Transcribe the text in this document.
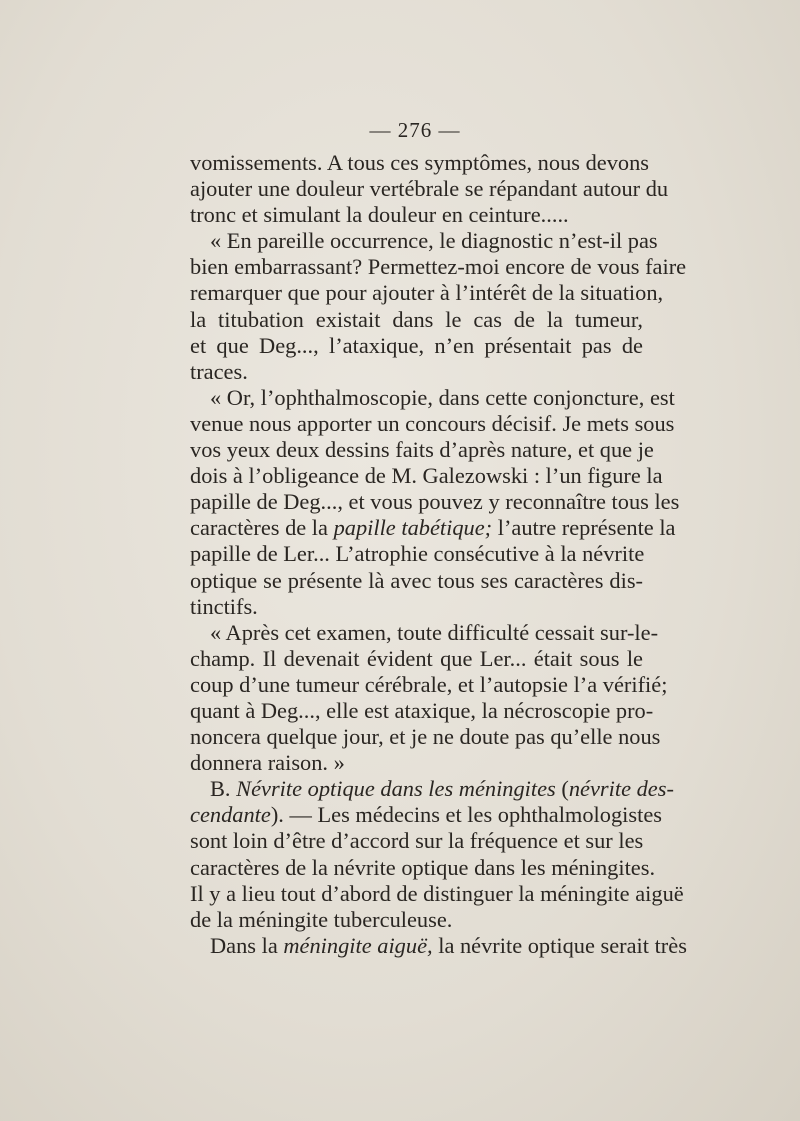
— 276 —
vomissements. A tous ces symptômes, nous devons
ajouter une douleur vertébrale se répandant autour du
tronc et simulant la douleur en ceinture.....
« En pareille occurrence, le diagnostic n’est-il pas
bien embarrassant? Permettez-moi encore de vous faire
remarquer que pour ajouter à l’intérêt de la situation,
la titubation existait dans le cas de la tumeur,
et que Deg..., l’ataxique, n’en présentait pas de
traces.
« Or, l’ophthalmoscopie, dans cette conjoncture, est
venue nous apporter un concours décisif. Je mets sous
vos yeux deux dessins faits d’après nature, et que je
dois à l’obligeance de M. Galezowski : l’un figure la
papille de Deg..., et vous pouvez y reconnaître tous les
caractères de la papille tabétique; l’autre représente la
papille de Ler... L’atrophie consécutive à la névrite
optique se présente là avec tous ses caractères dis-
tinctifs.
« Après cet examen, toute difficulté cessait sur-le-
champ. Il devenait évident que Ler... était sous le
coup d’une tumeur cérébrale, et l’autopsie l’a vérifié;
quant à Deg..., elle est ataxique, la nécroscopie pro-
noncera quelque jour, et je ne doute pas qu’elle nous
donnera raison. »
B. Névrite optique dans les méningites (névrite des-
cendante). — Les médecins et les ophthalmologistes
sont loin d’être d’accord sur la fréquence et sur les
caractères de la névrite optique dans les méningites.
Il y a lieu tout d’abord de distinguer la méningite aiguë
de la méningite tuberculeuse.
Dans la méningite aiguë, la névrite optique serait très
